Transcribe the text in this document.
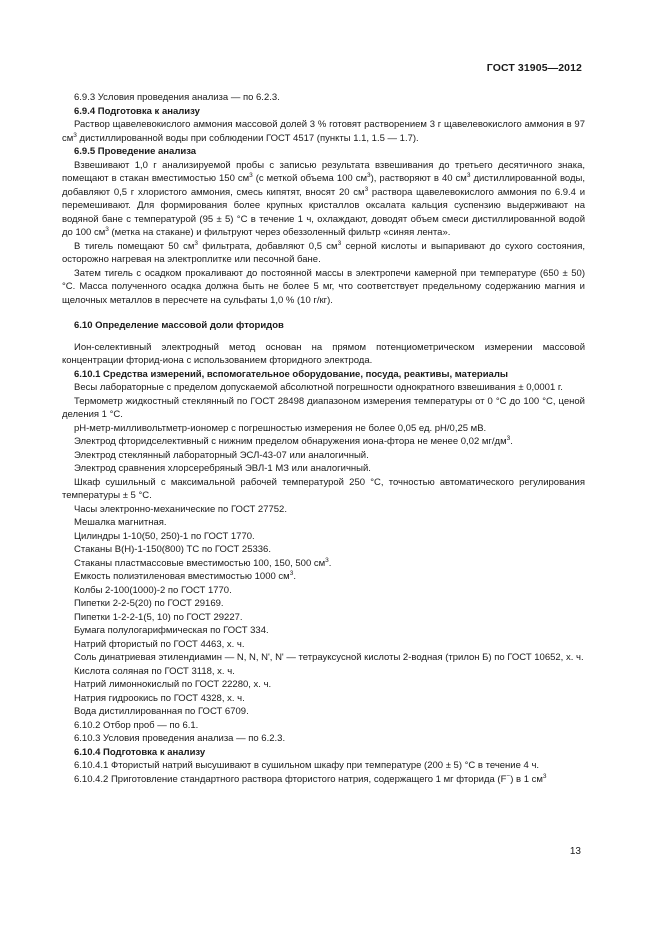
ГОСТ 31905—2012

6.9.3 Условия проведения анализа — по 6.2.3.

6.9.4 Подготовка к анализу

Раствор щавелевокислого аммония массовой долей 3 % готовят растворением 3 г щавелевокислого аммония в 97 $см^3$ дистиллированной воды при соблюдении ГОСТ 4517 (пункты 1.1, 1.5 — 1.7).

6.9.5 Проведение анализа

Взвешивают 1,0 г анализируемой пробы с записью результата взвешивания до третьего десятичного знака, помещают в стакан вместимостью 150 $см^3$ (с меткой объема 100 $см^3$), растворяют в 40 $см^3$ дистиллированной воды, добавляют 0,5 г хлористого аммония, смесь кипятят, вносят 20 $см^3$ раствора щавелевокислого аммония по 6.9.4 и перемешивают. Для формирования более крупных кристаллов оксалата кальция суспензию выдерживают на водяной бане с температурой (95 ± 5) °С в течение 1 ч, охлаждают, доводят объем смеси дистиллированной водой до 100 $см^3$ (метка на стакане) и фильтруют через обеззоленный фильтр «синяя лента».

В тигель помещают 50 $см^3$ фильтрата, добавляют 0,5 $см^3$ серной кислоты и выпаривают до сухого состояния, осторожно нагревая на электроплитке или песочной бане.

Затем тигель с осадком прокаливают до постоянной массы в электропечи камерной при температуре (650 ± 50) °С. Масса полученного осадка должна быть не более 5 мг, что соответствует предельному содержанию магния и щелочных металлов в пересчете на сульфаты 1,0 % (10 г/кг).

6.10 Определение массовой доли фторидов

Ион-селективный электродный метод основан на прямом потенциометрическом измерении массовой концентрации фторид-иона с использованием фторидного электрода.

6.10.1 Средства измерений, вспомогательное оборудование, посуда, реактивы, материалы

Весы лабораторные с пределом допускаемой абсолютной погрешности однократного взвешивания ± 0,0001 г.

Термометр жидкостный стеклянный по ГОСТ 28498 диапазоном измерения температуры от 0 °С до 100 °С, ценой деления 1 °С.

рН-метр-милливольтметр-иономер с погрешностью измерения не более 0,05 ед. рН/0,25 мВ.

Электрод фторидселективный с нижним пределом обнаружения иона-фтора не менее 0,02 $мг/дм^3$.

Электрод стеклянный лабораторный ЭСЛ-43-07 или аналогичный.

Электрод сравнения хлорсеребряный ЭВЛ-1 МЗ или аналогичный.

Шкаф сушильный с максимальной рабочей температурой 250 °С, точностью автоматического регулирования температуры ± 5 °С.

Часы электронно-механические по ГОСТ 27752.

Мешалка магнитная.

Цилиндры 1-10(50, 250)-1 по ГОСТ 1770.

Стаканы В(Н)-1-150(800) ТС по ГОСТ 25336.

Стаканы пластмассовые вместимостью 100, 150, 500 $см^3$.

Емкость полиэтиленовая вместимостью 1000 $см^3$.

Колбы 2-100(1000)-2 по ГОСТ 1770.

Пипетки 2-2-5(20) по ГОСТ 29169.

Пипетки 1-2-2-1(5, 10) по ГОСТ 29227.

Бумага полулогарифмическая по ГОСТ 334.

Натрий фтористый по ГОСТ 4463, х. ч.

Соль динатриевая этилендиамин — N, N, N', N' — тетрауксусной кислоты 2-водная (трилон Б) по ГОСТ 10652, х. ч.

Кислота соляная по ГОСТ 3118, х. ч.

Натрий лимоннокислый по ГОСТ 22280, х. ч.

Натрия гидроокись по ГОСТ 4328, х. ч.

Вода дистиллированная по ГОСТ 6709.

6.10.2 Отбор проб — по 6.1.

6.10.3 Условия проведения анализа — по 6.2.3.

6.10.4 Подготовка к анализу

6.10.4.1 Фтористый натрий высушивают в сушильном шкафу при температуре (200 ± 5) °С в течение 4 ч.

6.10.4.2 Приготовление стандартного раствора фтористого натрия, содержащего 1 мг фторида (F−) в 1 $см^3$

13
